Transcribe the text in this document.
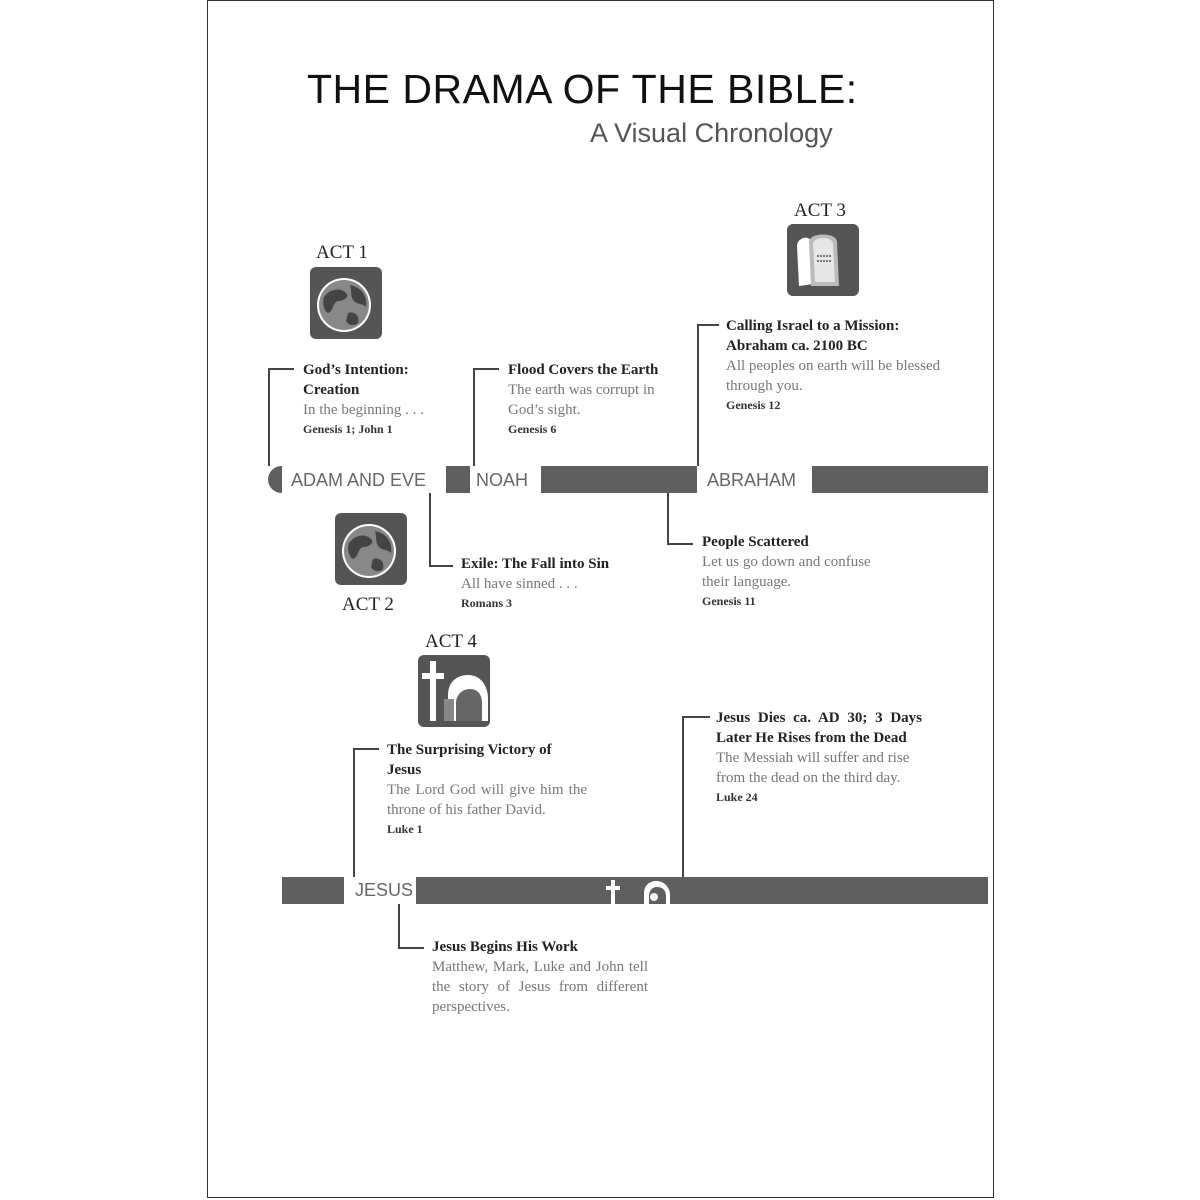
THE DRAMA OF THE BIBLE:
A Visual Chronology
ACT 1
ACT 2
ACT 3
ACT 4
ADAM AND EVE	NOAH	ABRAHAM
God’s Intention: Creation
In the beginning . . .
Genesis 1; John 1
Flood Covers the Earth
The earth was corrupt in God’s sight.
Genesis 6
Calling Israel to a Mission: Abraham ca. 2100 BC
All peoples on earth will be blessed through you.
Genesis 12
Exile: The Fall into Sin
All have sinned . . .
Romans 3
People Scattered
Let us go down and confuse their language.
Genesis 11
JESUS
The Surprising Victory of Jesus
The Lord God will give him the throne of his father David.
Luke 1
Jesus Dies ca. AD 30; 3 Days Later He Rises from the Dead
The Messiah will suffer and rise from the dead on the third day.
Luke 24
Jesus Begins His Work
Matthew, Mark, Luke and John tell the story of Jesus from different perspectives.
